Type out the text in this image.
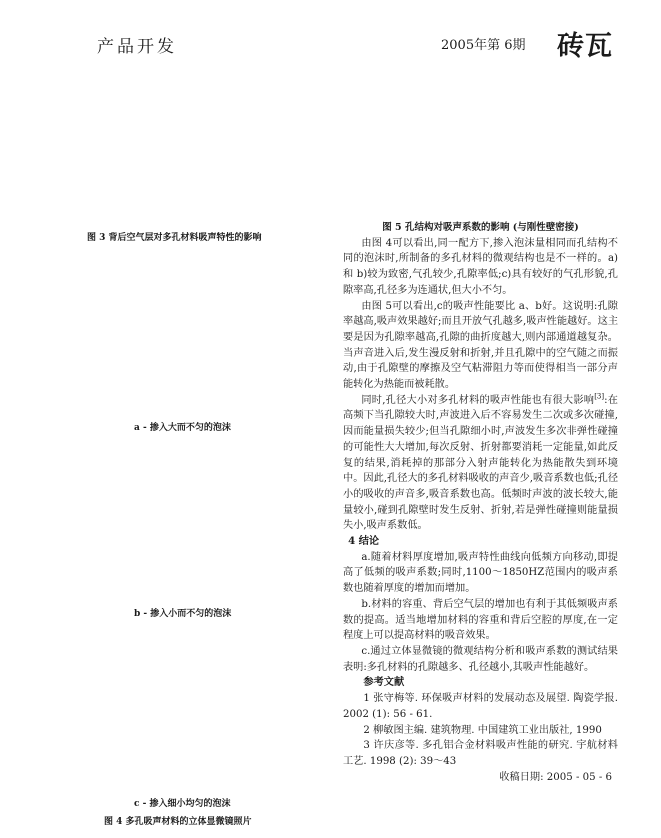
产品开发	2005年第 6期 砖瓦
图 3 背后空气层对多孔材料吸声特性的影响
a - 掺入大而不匀的泡沫
b - 掺入小而不匀的泡沫
c - 掺入细小均匀的泡沫
图 4 多孔吸声材料的立体显微镜照片

图 5 孔结构对吸声系数的影响 (与刚性壁密接)

由图 4可以看出,同一配方下,掺入泡沫量相同而孔结构不同的泡沫时,所制备的多孔材料的微观结构也是不一样的。a)和 b)较为致密,气孔较少,孔隙率低;c)具有较好的气孔形貌,孔隙率高,孔径多为连通状,但大小不匀。

由图 5可以看出,c的吸声性能要比 a、b好。这说明:孔隙率越高,吸声效果越好;而且开放气孔越多,吸声性能越好。这主要是因为孔隙率越高,孔隙的曲折度越大,则内部通道越复杂。当声音进入后,发生漫反射和折射,并且孔隙中的空气随之而振动,由于孔隙壁的摩擦及空气粘滞阻力等而使得相当一部分声能转化为热能而被耗散。

同时,孔径大小对多孔材料的吸声性能也有很大影响[3]:在高频下当孔隙较大时,声波进入后不容易发生二次或多次碰撞,因而能量损失较少;但当孔隙细小时,声波发生多次非弹性碰撞的可能性大大增加,每次反射、折射都要消耗一定能量,如此反复的结果,消耗掉的那部分入射声能转化为热能散失到环境中。因此,孔径大的多孔材料吸收的声音少,吸音系数也低;孔径小的吸收的声音多,吸音系数也高。低频时声波的波长较大,能量较小,碰到孔隙壁时发生反射、折射,若是弹性碰撞则能量损失小,吸声系数低。

4 结论

a.随着材料厚度增加,吸声特性曲线向低频方向移动,即提高了低频的吸声系数;同时,1100～1850HZ范围内的吸声系数也随着厚度的增加而增加。

b.材料的容重、背后空气层的增加也有利于其低频吸声系数的提高。适当地增加材料的容重和背后空腔的厚度,在一定程度上可以提高材料的吸音效果。

c.通过立体显微镜的微观结构分析和吸声系数的测试结果表明:多孔材料的孔隙越多、孔径越小,其吸声性能越好。

参考文献

1 张守梅等. 环保吸声材料的发展动态及展望. 陶瓷学报. 2002 (1): 56 - 61.

2 柳敏图主编. 建筑物理. 中国建筑工业出版社, 1990

3 许庆彦等. 多孔铝合金材料吸声性能的研究. 宇航材料工艺. 1998 (2): 39～43

收稿日期: 2005 - 05 - 6
